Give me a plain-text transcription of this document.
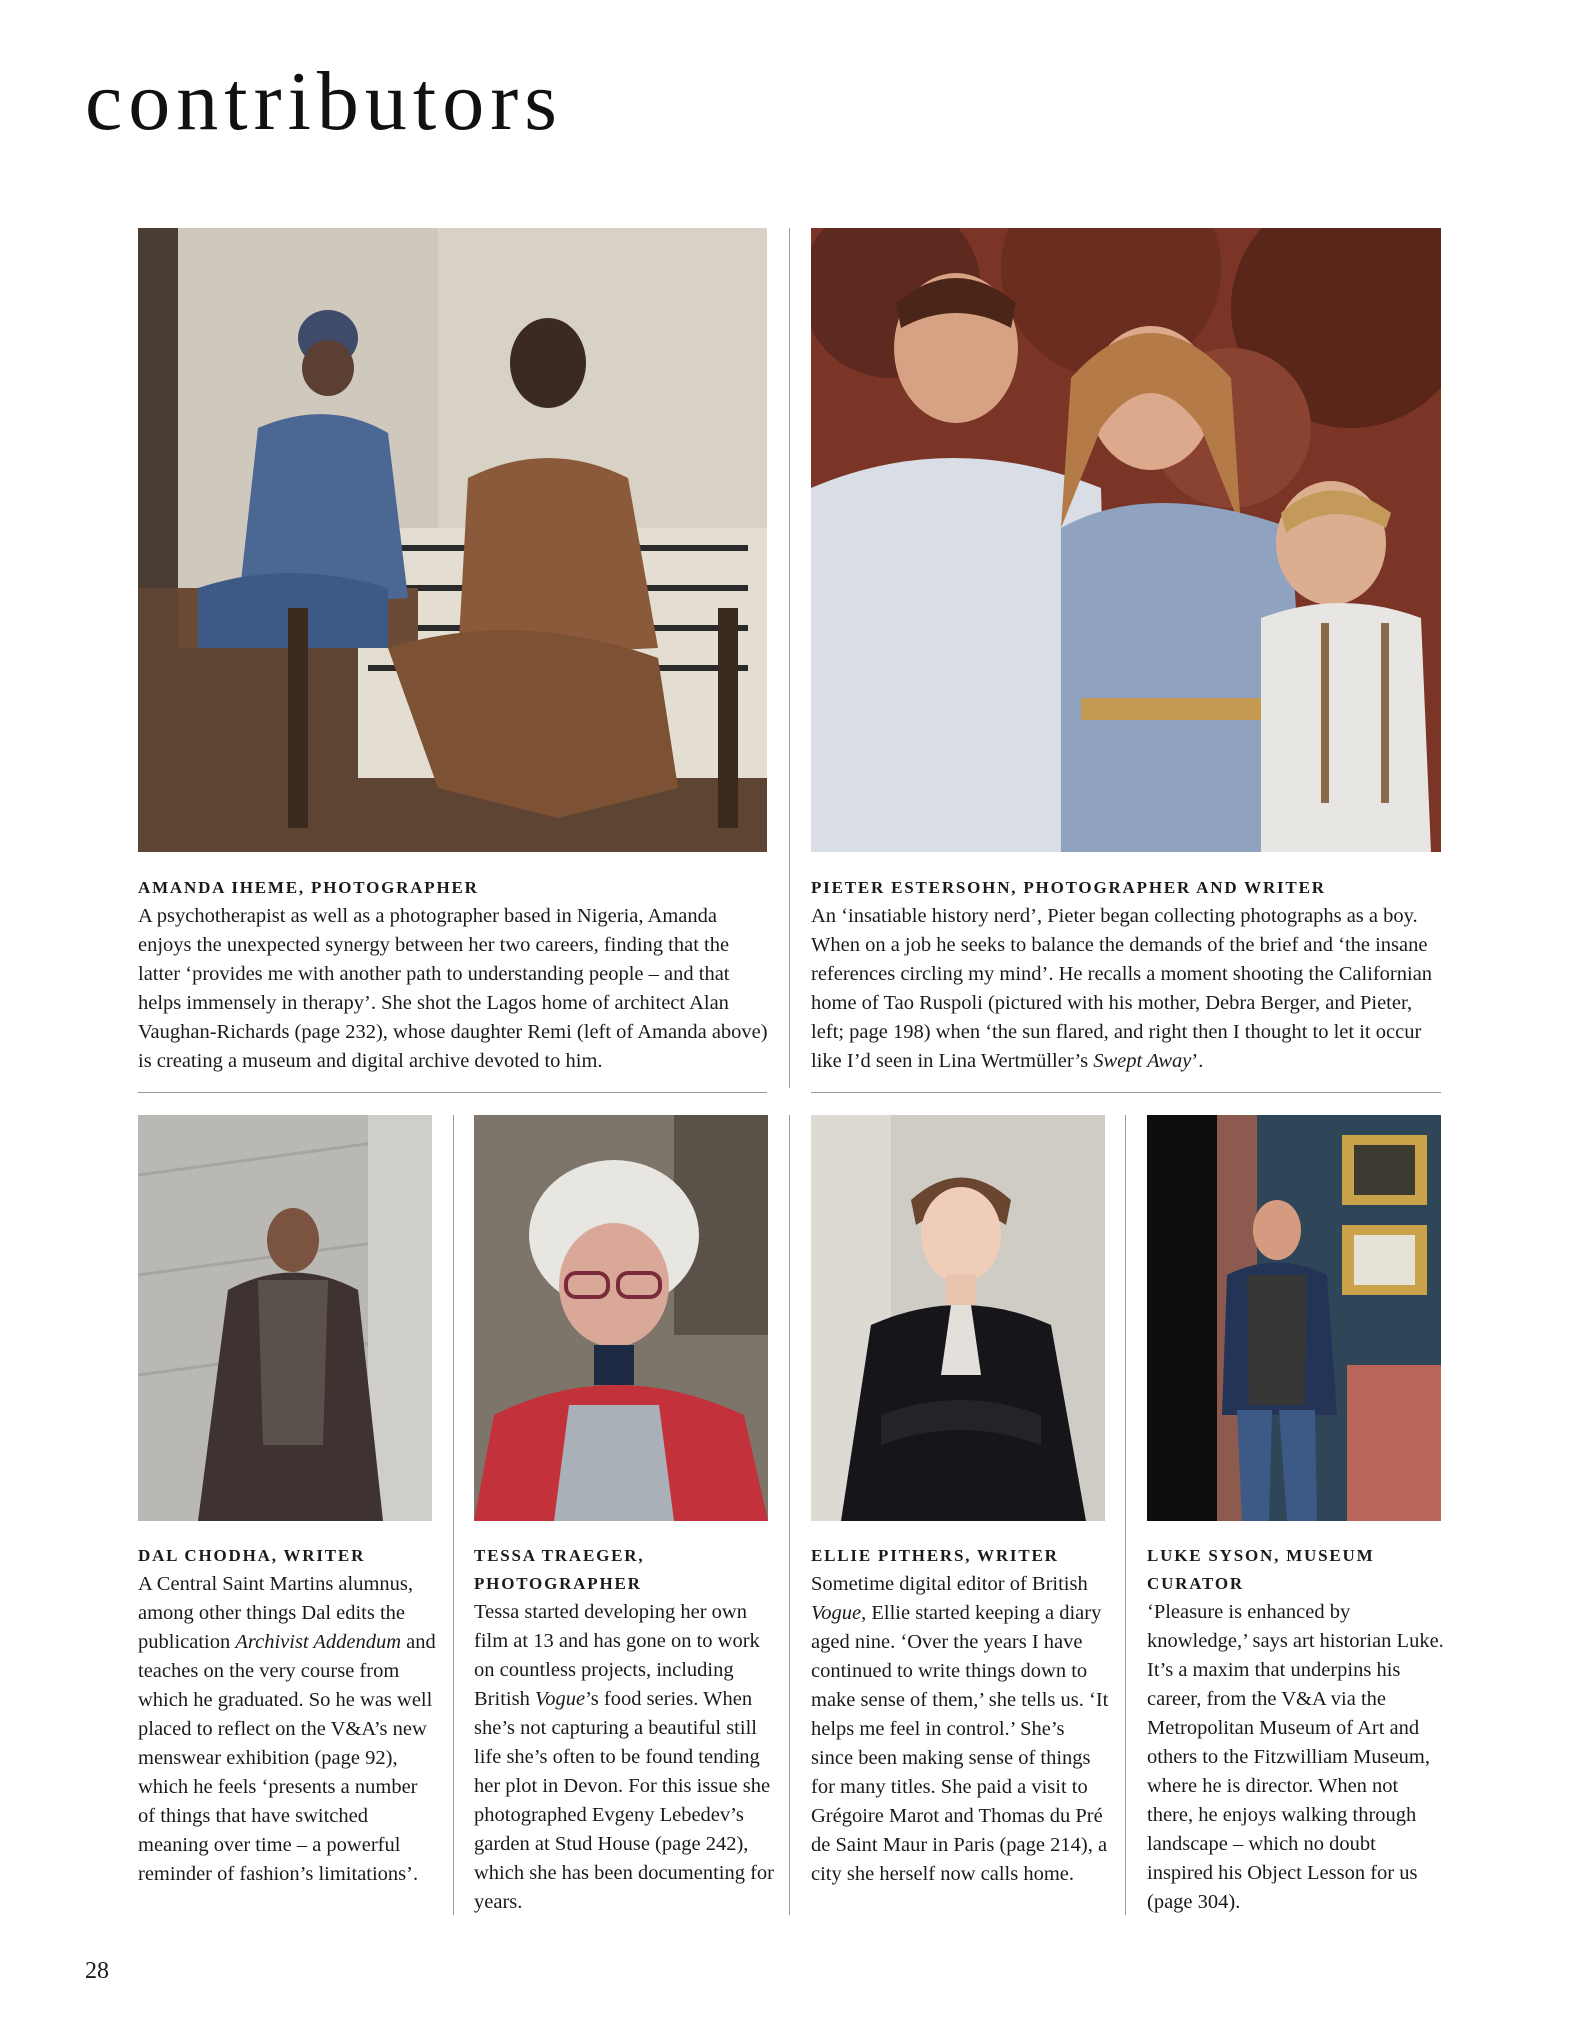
contributors

AMANDA IHEME, PHOTOGRAPHER

A psychotherapist as well as a photographer based in Nigeria, Amanda enjoys the unexpected synergy between her two careers, finding that the latter ‘provides me with another path to understanding people – and that helps immensely in therapy’. She shot the Lagos home of architect Alan Vaughan-Richards (page 232), whose daughter Remi (left of Amanda above) is creating a museum and digital archive devoted to him.

PIETER ESTERSOHN, PHOTOGRAPHER AND WRITER

An ‘insatiable history nerd’, Pieter began collecting photographs as a boy. When on a job he seeks to balance the demands of the brief and ‘the insane references circling my mind’. He recalls a moment shooting the Californian home of Tao Ruspoli (pictured with his mother, Debra Berger, and Pieter, left; page 198) when ‘the sun flared, and right then I thought to let it occur like I’d seen in Lina Wertmüller’s Swept Away’.

DAL CHODHA, WRITER

A Central Saint Martins alumnus, among other things Dal edits the publication Archivist Addendum and teaches on the very course from which he graduated. So he was well placed to reflect on the V&A’s new menswear exhibition (page 92), which he feels ‘presents a number of things that have switched meaning over time – a powerful reminder of fashion’s limitations’.

TESSA TRAEGER, PHOTOGRAPHER

Tessa started developing her own film at 13 and has gone on to work on countless projects, including British Vogue’s food series. When she’s not capturing a beautiful still life she’s often to be found tending her plot in Devon. For this issue she photographed Evgeny Lebedev’s garden at Stud House (page 242), which she has been documenting for years.

ELLIE PITHERS, WRITER

Sometime digital editor of British Vogue, Ellie started keeping a diary aged nine. ‘Over the years I have continued to write things down to make sense of them,’ she tells us. ‘It helps me feel in control.’ She’s since been making sense of things for many titles. She paid a visit to Grégoire Marot and Thomas du Pré de Saint Maur in Paris (page 214), a city she herself now calls home.

LUKE SYSON, MUSEUM CURATOR

‘Pleasure is enhanced by knowledge,’ says art historian Luke. It’s a maxim that underpins his career, from the V&A via the Metropolitan Museum of Art and others to the Fitzwilliam Museum, where he is director. When not there, he enjoys walking through landscape – which no doubt inspired his Object Lesson for us (page 304).

28
